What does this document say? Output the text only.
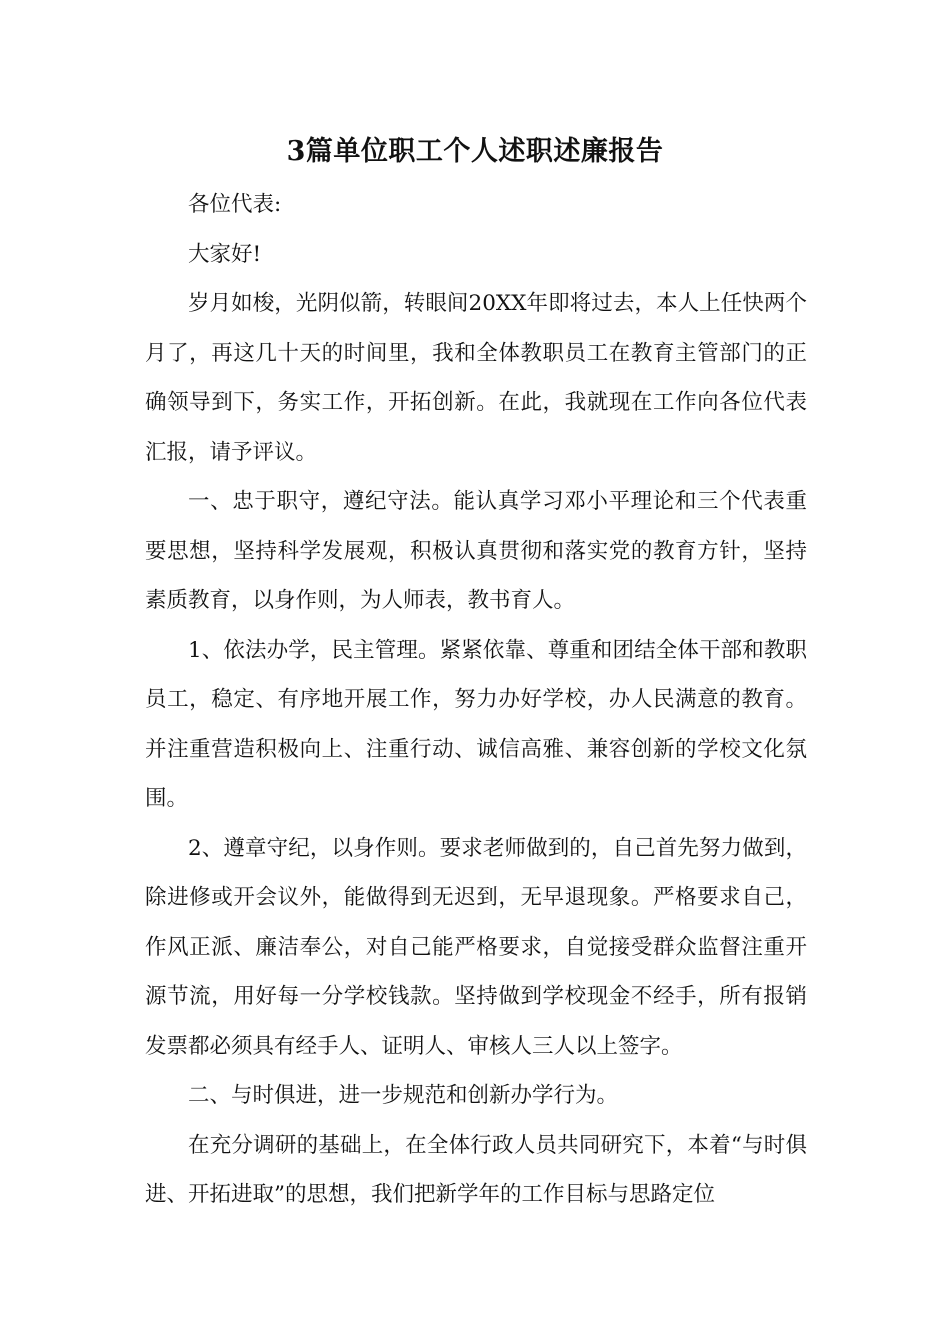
3篇单位职工个人述职述廉报告

各位代表:

大家好!

岁月如梭，光阴似箭，转眼间20XX年即将过去，本人上任快两个月了，再这几十天的时间里，我和全体教职员工在教育主管部门的正确领导到下，务实工作，开拓创新。在此，我就现在工作向各位代表汇报，请予评议。

一、忠于职守，遵纪守法。能认真学习邓小平理论和三个代表重要思想，坚持科学发展观，积极认真贯彻和落实党的教育方针，坚持素质教育，以身作则，为人师表，教书育人。

1、依法办学，民主管理。紧紧依靠、尊重和团结全体干部和教职员工，稳定、有序地开展工作，努力办好学校，办人民满意的教育。并注重营造积极向上、注重行动、诚信高雅、兼容创新的学校文化氛围。

2、遵章守纪，以身作则。要求老师做到的，自己首先努力做到，除进修或开会议外，能做得到无迟到，无早退现象。严格要求自己，作风正派、廉洁奉公，对自己能严格要求，自觉接受群众监督注重开源节流，用好每一分学校钱款。坚持做到学校现金不经手，所有报销发票都必须具有经手人、证明人、审核人三人以上签字。

二、与时俱进，进一步规范和创新办学行为。

在充分调研的基础上，在全体行政人员共同研究下，本着“与时俱进、开拓进取”的思想，我们把新学年的工作目标与思路定位
